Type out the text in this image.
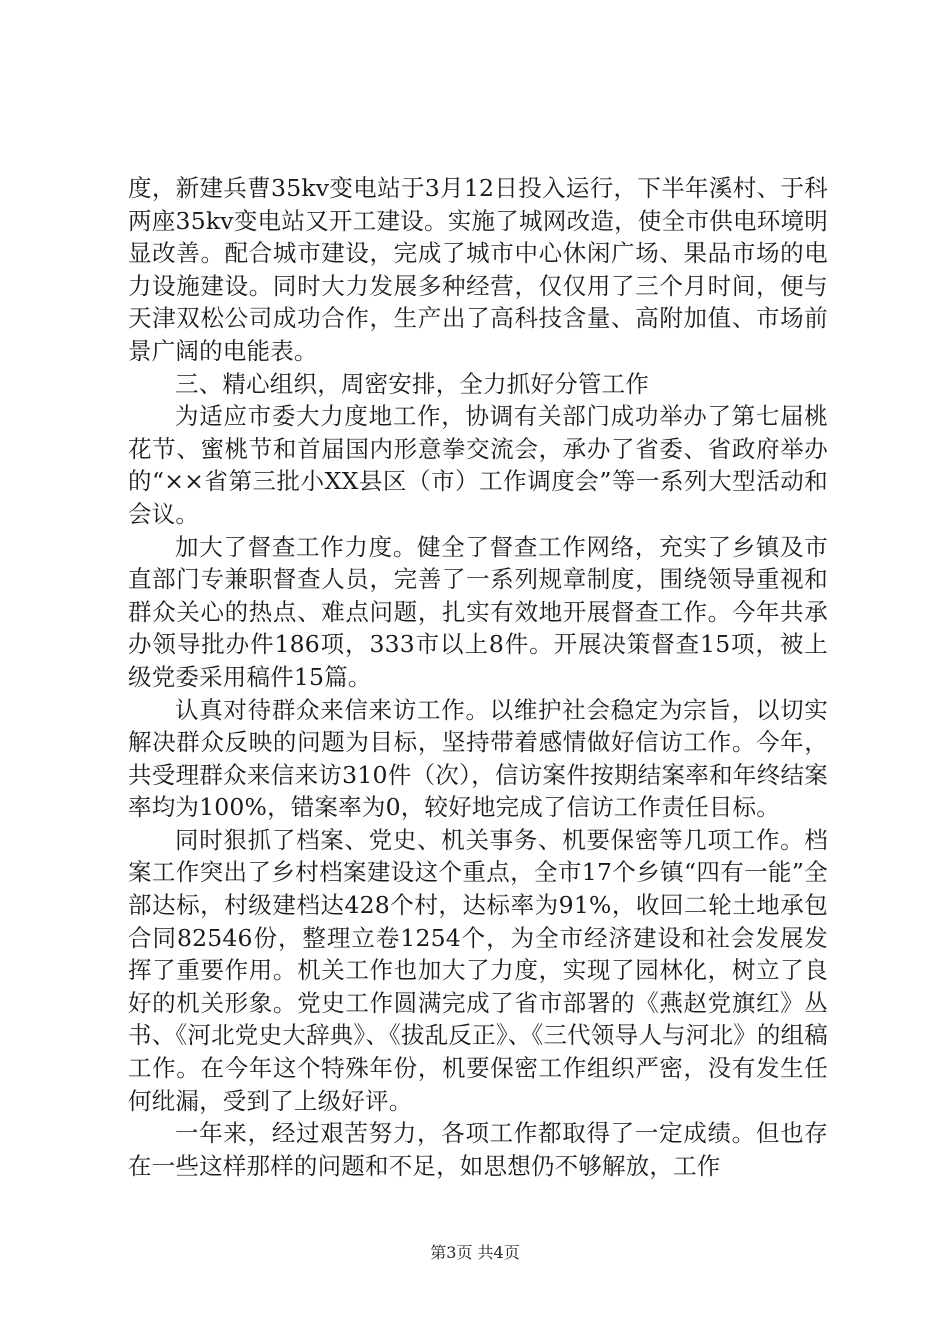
度，新建兵曹35kv变电站于3月12日投入运行，下半年溪村、于科两座35kv变电站又开工建设。实施了城网改造，使全市供电环境明显改善。配合城市建设，完成了城市中心休闲广场、果品市场的电力设施建设。同时大力发展多种经营，仅仅用了三个月时间，便与天津双松公司成功合作，生产出了高科技含量、高附加值、市场前景广阔的电能表。

三、精心组织，周密安排，全力抓好分管工作

为适应市委大力度地工作，协调有关部门成功举办了第七届桃花节、蜜桃节和首届国内形意拳交流会，承办了省委、省政府举办的“××省第三批小XX县区（市）工作调度会”等一系列大型活动和会议。

加大了督查工作力度。健全了督查工作网络，充实了乡镇及市直部门专兼职督查人员，完善了一系列规章制度，围绕领导重视和群众关心的热点、难点问题，扎实有效地开展督查工作。今年共承办领导批办件186项，333市以上8件。开展决策督查15项，被上级党委采用稿件15篇。

认真对待群众来信来访工作。以维护社会稳定为宗旨，以切实解决群众反映的问题为目标，坚持带着感情做好信访工作。今年，共受理群众来信来访310件（次），信访案件按期结案率和年终结案率均为100%，错案率为0，较好地完成了信访工作责任目标。

同时狠抓了档案、党史、机关事务、机要保密等几项工作。档案工作突出了乡村档案建设这个重点，全市17个乡镇“四有一能”全部达标，村级建档达428个村，达标率为91%，收回二轮土地承包合同82546份，整理立卷1254个，为全市经济建设和社会发展发挥了重要作用。机关工作也加大了力度，实现了园林化，树立了良好的机关形象。党史工作圆满完成了省市部署的《燕赵党旗红》丛书、《河北党史大辞典》、《拔乱反正》、《三代领导人与河北》的组稿工作。在今年这个特殊年份，机要保密工作组织严密，没有发生任何纰漏，受到了上级好评。

一年来，经过艰苦努力，各项工作都取得了一定成绩。但也存在一些这样那样的问题和不足，如思想仍不够解放，工作

第3页 共4页
